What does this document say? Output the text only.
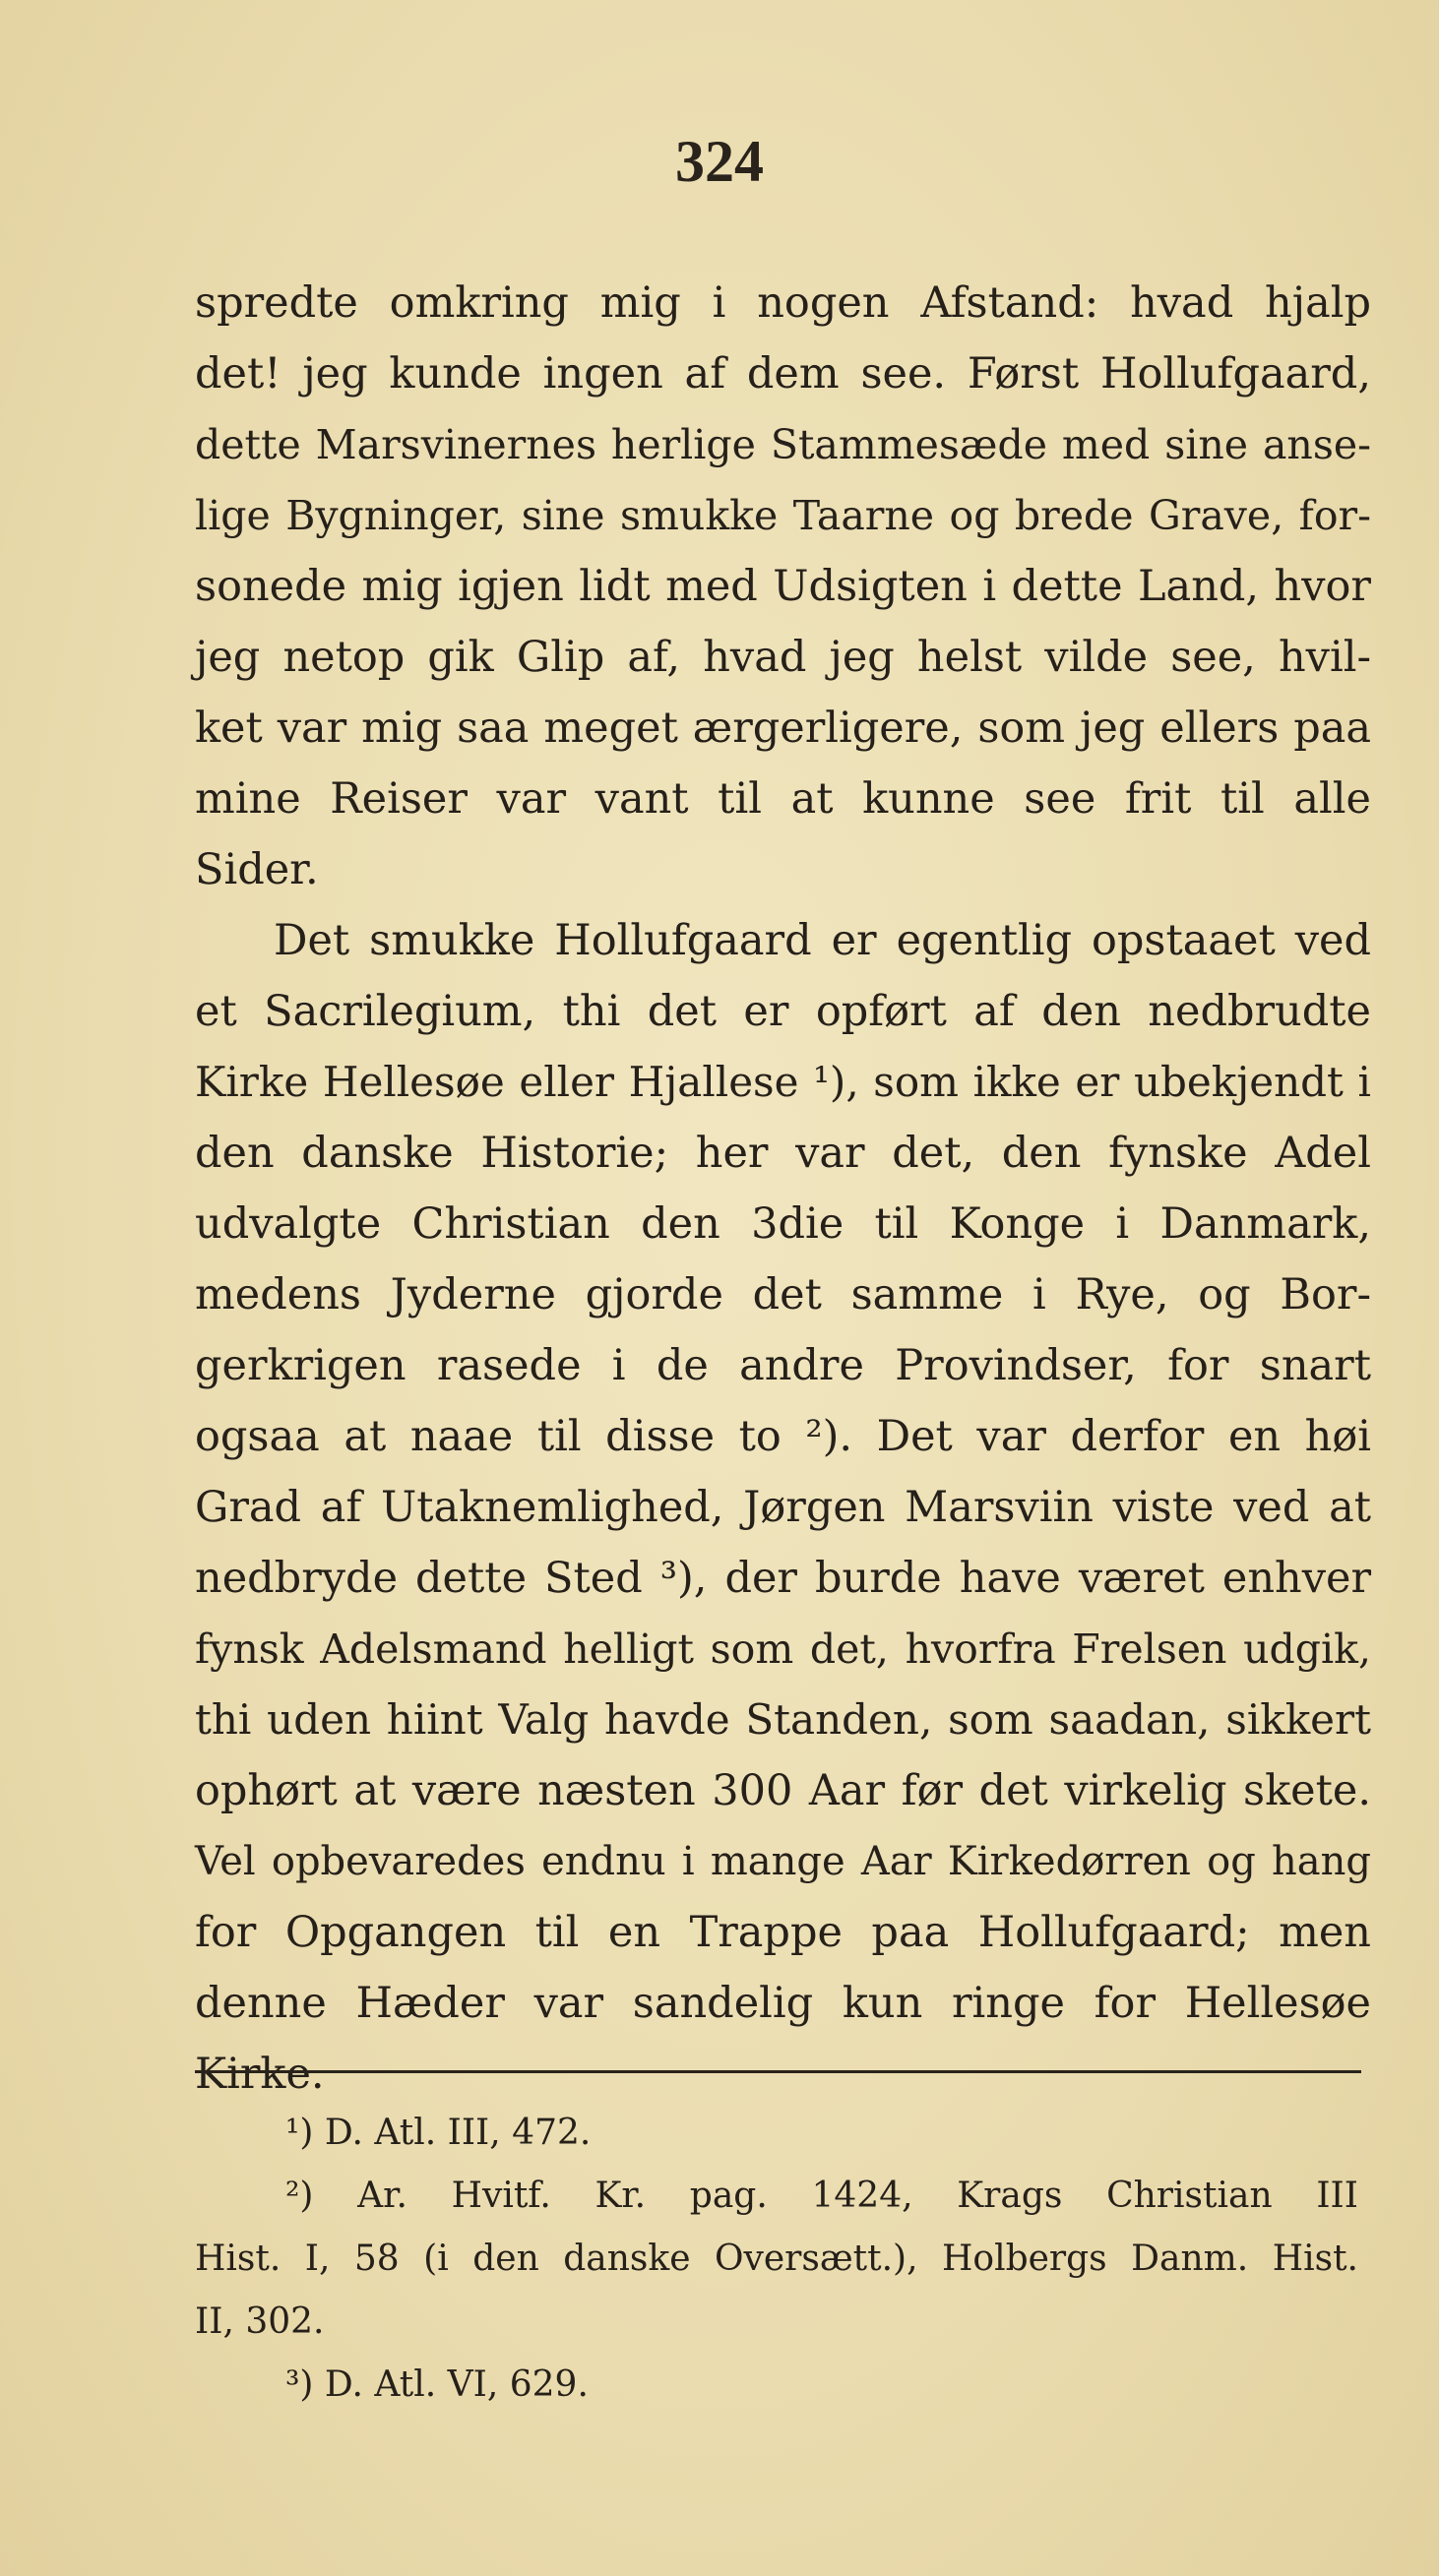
324
spredte omkring mig i nogen Afstand: hvad hjalp
det! jeg kunde ingen af dem see. Først Hollufgaard,
dette Marsvinernes herlige Stammesæde med sine anse-
lige Bygninger, sine smukke Taarne og brede Grave, for-
sonede mig igjen lidt med Udsigten i dette Land, hvor
jeg netop gik Glip af, hvad jeg helst vilde see, hvil-
ket var mig saa meget ærgerligere, som jeg ellers paa
mine Reiser var vant til at kunne see frit til alle
Sider.
Det smukke Hollufgaard er egentlig opstaaet ved
et Sacrilegium, thi det er opført af den nedbrudte
Kirke Hellesøe eller Hjallese ¹), som ikke er ubekjendt i
den danske Historie; her var det, den fynske Adel
udvalgte Christian den 3die til Konge i Danmark,
medens Jyderne gjorde det samme i Rye, og Bor-
gerkrigen rasede i de andre Provindser, for snart
ogsaa at naae til disse to ²). Det var derfor en høi
Grad af Utaknemlighed, Jørgen Marsviin viste ved at
nedbryde dette Sted ³), der burde have været enhver
fynsk Adelsmand helligt som det, hvorfra Frelsen udgik,
thi uden hiint Valg havde Standen, som saadan, sikkert
ophørt at være næsten 300 Aar før det virkelig skete.
Vel opbevaredes endnu i mange Aar Kirkedørren og hang
for Opgangen til en Trappe paa Hollufgaard; men
denne Hæder var sandelig kun ringe for Hellesøe
Kirke.
¹) D. Atl. III, 472.
²) Ar. Hvitf. Kr. pag. 1424, Krags Christian III
Hist. I, 58 (i den danske Oversætt.), Holbergs Danm. Hist.
II, 302.
³) D. Atl. VI, 629.
